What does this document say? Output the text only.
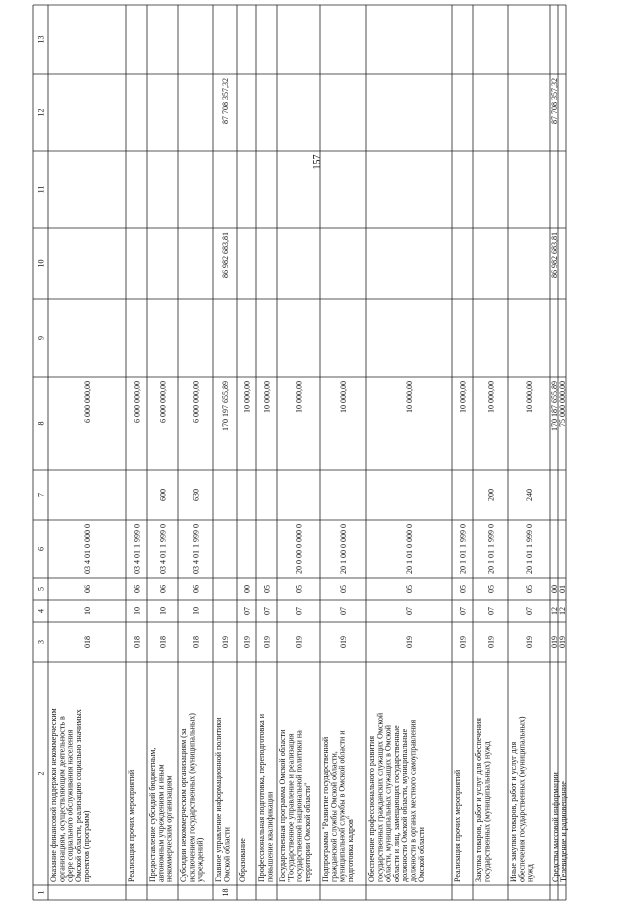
157
1
2
3
4
5
6
7
8
9
10
11
12
13
Оказание финансовой поддержки некоммерческим организациям, осуществляющим деятельность в сфере социального обслуживания населения Омской области, реализацию социально значимых проектов (программ)
018
10
06
03 4 01 0 000 0
6 000 000,00
Реализация прочих мероприятий
018
10
06
03 4 01 1 999 0
6 000 000,00
Предоставление субсидий бюджетным, автономным учреждениям и иным некоммерческим организациям
018
10
06
03 4 01 1 999 0
600
6 000 000,00
Субсидии некоммерческим организациям (за исключением государственных (муниципальных) учреждений)
018
10
06
03 4 01 1 999 0
630
6 000 000,00
18
Главное управление информационной политики Омской области
019
170 197 655,89
86 982 683,81
87 708 357,32
Образование
019
07
00
10 000,00
Профессиональная подготовка, переподготовка и повышение квалификации
019
07
05
10 000,00
Государственная программа Омской области "Государственное управление и реализация государственной национальной политики на территории Омской области"
019
07
05
20 0 00 0 000 0
10 000,00
Подпрограмма "Развитие государственной гражданской службы Омской области, муниципальной службы в Омской области и подготовка кадров"
019
07
05
20 1 00 0 000 0
10 000,00
Обеспечение профессионального развития государственных гражданских служащих Омской области, муниципальных служащих в Омской области и лиц, замещающих государственные должности Омской области, муниципальные должности в органах местного самоуправления Омской области
019
07
05
20 1 01 0 000 0
10 000,00
Реализация прочих мероприятий
019
07
05
20 1 01 1 999 0
10 000,00
Закупка товаров, работ и услуг для обеспечения государственных (муниципальных) нужд
019
07
05
20 1 01 1 999 0
200
10 000,00
Иные закупки товаров, работ и услуг для обеспечения государственных (муниципальных) нужд
019
07
05
20 1 01 1 999 0
240
10 000,00
Средства массовой информации
019
12
00
170 187 655,89
86 982 683,81
87 708 357,32
Телевидение и радиовещание
019
12
01
75 000 000,00
